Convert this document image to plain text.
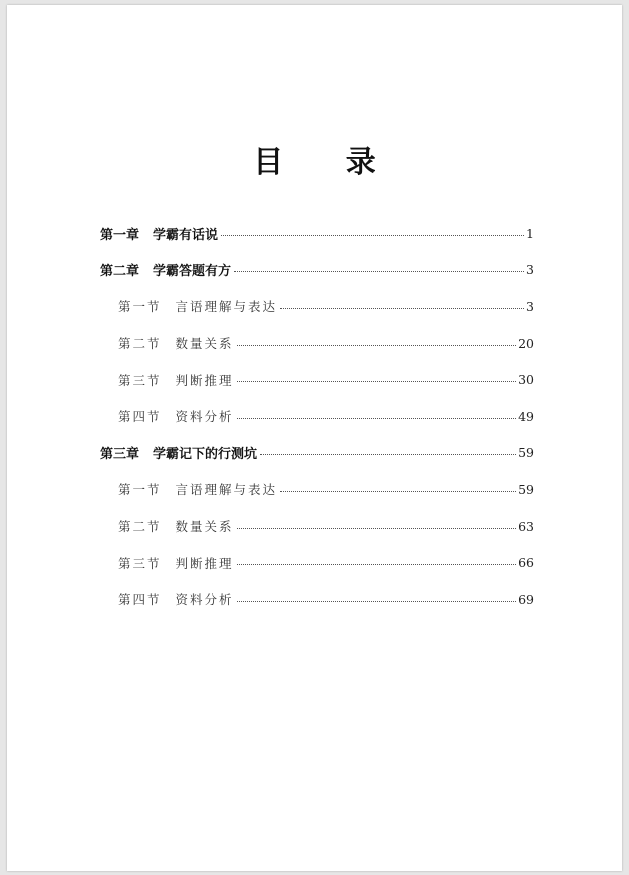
目 录
第一章 学霸有话说	1
第二章 学霸答题有方	3
第一节 言语理解与表达	3
第二节 数量关系	20
第三节 判断推理	30
第四节 资料分析	49
第三章 学霸记下的行测坑	59
第一节 言语理解与表达	59
第二节 数量关系	63
第三节 判断推理	66
第四节 资料分析	69
